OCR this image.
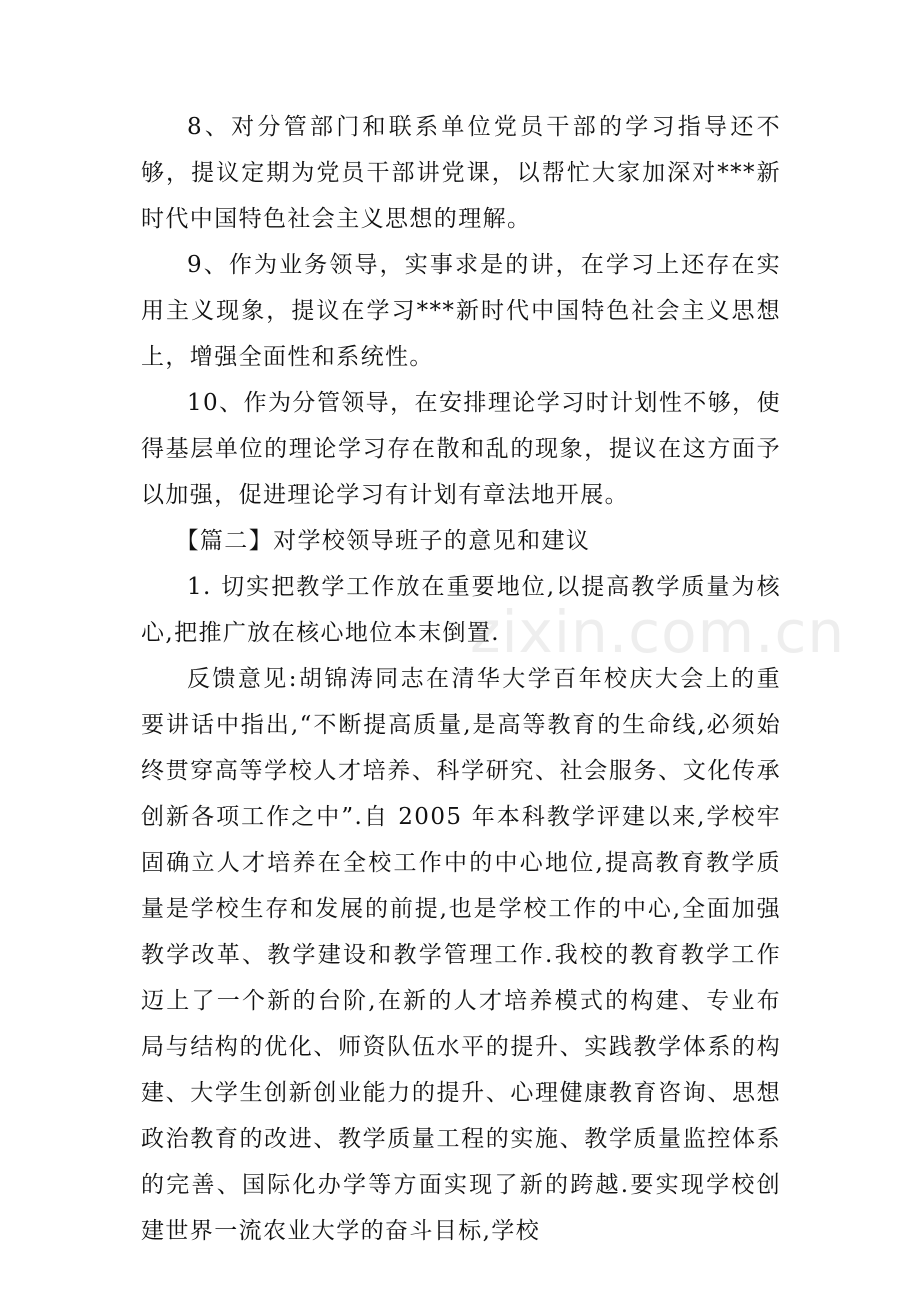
8、对分管部门和联系单位党员干部的学习指导还不够，提议定期为党员干部讲党课，以帮忙大家加深对***新时代中国特色社会主义思想的理解。

9、作为业务领导，实事求是的讲，在学习上还存在实用主义现象，提议在学习***新时代中国特色社会主义思想上，增强全面性和系统性。

10、作为分管领导，在安排理论学习时计划性不够，使得基层单位的理论学习存在散和乱的现象，提议在这方面予以加强，促进理论学习有计划有章法地开展。

【篇二】对学校领导班子的意见和建议

1. 切实把教学工作放在重要地位,以提高教学质量为核心,把推广放在核心地位本末倒置.

反馈意见:胡锦涛同志在清华大学百年校庆大会上的重要讲话中指出,“不断提高质量,是高等教育的生命线,必须始终贯穿高等学校人才培养、科学研究、社会服务、文化传承创新各项工作之中”.自 2005 年本科教学评建以来,学校牢固确立人才培养在全校工作中的中心地位,提高教育教学质量是学校生存和发展的前提,也是学校工作的中心,全面加强教学改革、教学建设和教学管理工作.我校的教育教学工作迈上了一个新的台阶,在新的人才培养模式的构建、专业布局与结构的优化、师资队伍水平的提升、实践教学体系的构建、大学生创新创业能力的提升、心理健康教育咨询、思想政治教育的改进、教学质量工程的实施、教学质量监控体系的完善、国际化办学等方面实现了新的跨越.要实现学校创建世界一流农业大学的奋斗目标,学校

zixin.com.cn
